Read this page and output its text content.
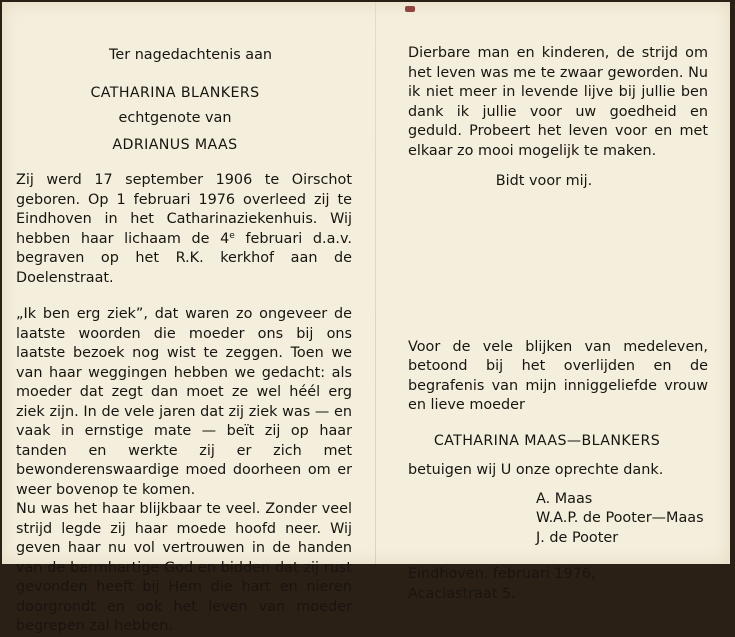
Ter nagedachtenis aan

CATHARINA BLANKERS

echtgenote van

ADRIANUS MAAS

Zij werd 17 september 1906 te Oirschot geboren. Op 1 februari 1976 overleed zij te Eindhoven in het Catharinaziekenhuis. Wij hebben haar lichaam de 4e februari d.a.v. begraven op het R.K. kerkhof aan de Doelenstraat.

„Ik ben erg ziek”, dat waren zo ongeveer de laatste woorden die moeder ons bij ons laatste bezoek nog wist te zeggen. Toen we van haar weggingen hebben we gedacht: als moeder dat zegt dan moet ze wel héél erg ziek zijn. In de vele jaren dat zij ziek was — en vaak in ernstige mate — beït zij op haar tanden en werkte zij er zich met bewonderenswaardige moed doorheen om er weer bovenop te komen.

Nu was het haar blijkbaar te veel. Zonder veel strijd legde zij haar moede hoofd neer. Wij geven haar nu vol vertrouwen in de handen van de barmhartige God en bidden dat zij rust gevonden heeft bij Hem die hart en nieren doorgrondt en ook het leven van moeder begrepen zal hebben.

Dierbare man en kinderen, de strijd om het leven was me te zwaar geworden. Nu ik niet meer in levende lijve bij jullie ben dank ik jullie voor uw goedheid en geduld. Probeert het leven voor en met elkaar zo mooi mogelijk te maken.

Bidt voor mij.

Voor de vele blijken van medeleven, betoond bij het overlijden en de begrafenis van mijn inniggeliefde vrouw en lieve moeder

CATHARINA MAAS—BLANKERS

betuigen wij U onze oprechte dank.

A. Maas

W.A.P. de Pooter—Maas

J. de Pooter

Eindhoven, februari 1976,

Acaciastraat 5.
